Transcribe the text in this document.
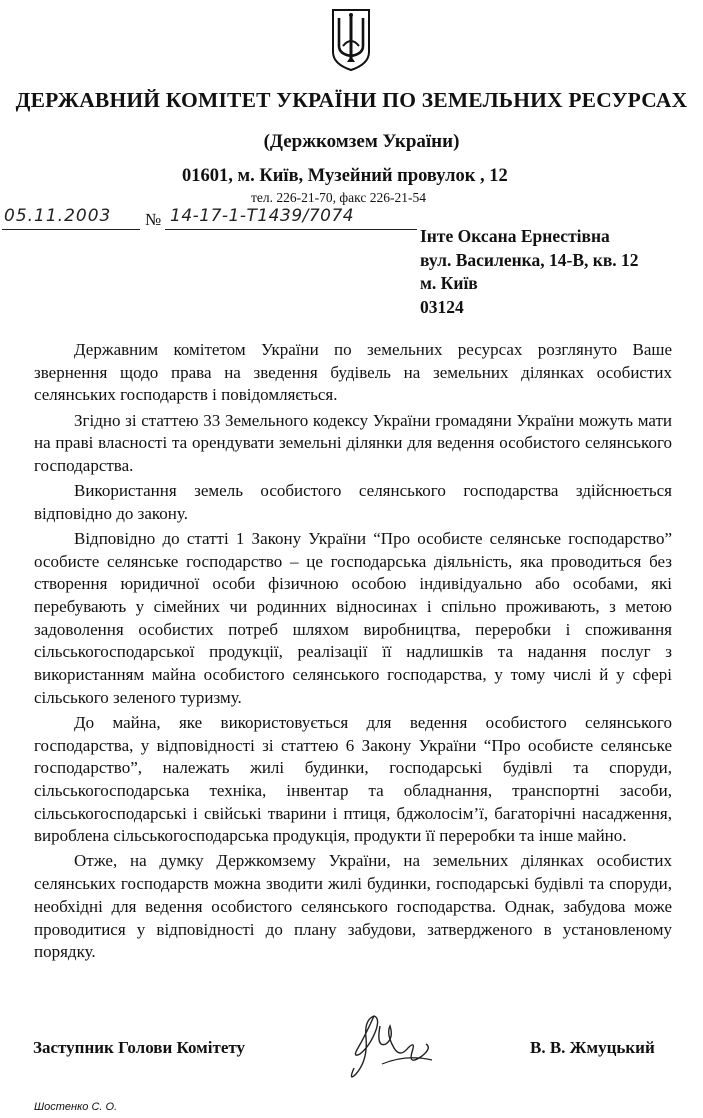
ДЕРЖАВНИЙ КОМІТЕТ УКРАЇНИ ПО ЗЕМЕЛЬНИХ РЕСУРСАХ
(Держкомзем України)
01601, м. Київ, Музейний провулок , 12
тел. 226-21-70, факс 226-21-54
05.11.2003 № 14-17-1-Т1439/7074
Інте Оксана Ернестівна
вул. Василенка, 14-В, кв. 12
м. Київ
03124

Державним комітетом України по земельних ресурсах розглянуто Ваше звернення щодо права на зведення будівель на земельних ділянках особистих селянських господарств і повідомляється.

Згідно зі статтею 33 Земельного кодексу України громадяни України можуть мати на праві власності та орендувати земельні ділянки для ведення особистого селянського господарства.

Використання земель особистого селянського господарства здійснюється відповідно до закону.

Відповідно до статті 1 Закону України “Про особисте селянське господарство” особисте селянське господарство – це господарська діяльність, яка проводиться без створення юридичної особи фізичною особою індивідуально або особами, які перебувають у сімейних чи родинних відносинах і спільно проживають, з метою задоволення особистих потреб шляхом виробництва, переробки і споживання сільськогосподарської продукції, реалізації її надлишків та надання послуг з використанням майна особистого селянського господарства, у тому числі й у сфері сільського зеленого туризму.

До майна, яке використовується для ведення особистого селянського господарства, у відповідності зі статтею 6 Закону України “Про особисте селянське господарство”, належать жилі будинки, господарські будівлі та споруди, сільськогосподарська техніка, інвентар та обладнання, транспортні засоби, сільськогосподарські і свійські тварини і птиця, бджолосім’ї, багаторічні насадження, вироблена сільськогосподарська продукція, продукти її переробки та інше майно.

Отже, на думку Держкомзему України, на земельних ділянках особистих селянських господарств можна зводити жилі будинки, господарські будівлі та споруди, необхідні для ведення особистого селянського господарства. Однак, забудова може проводитися у відповідності до плану забудови, затвердженого в установленому порядку.

Заступник Голови Комітету	В. В. Жмуцький
Шостенко С. О.
